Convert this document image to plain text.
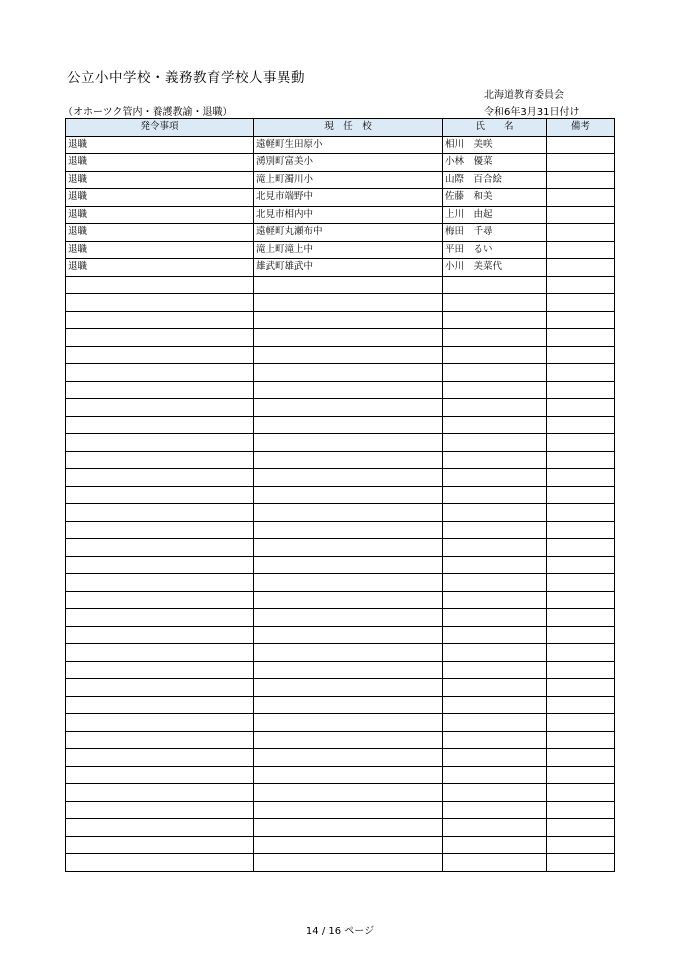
公立小中学校・義務教育学校人事異動
北海道教育委員会
（オホーツク管内・養護教諭・退職）	令和6年3月31日付け
発令事項	現　任　校	氏　　名	備考
退職	遠軽町生田原小	相川　美咲	
退職	湧別町富美小	小林　優菜	
退職	滝上町濁川小	山際　百合絵	
退職	北見市端野中	佐藤　和美	
退職	北見市相内中	上川　由起	
退職	遠軽町丸瀬布中	梅田　千尋	
退職	滝上町滝上中	平田　るい	
退職	雄武町雄武中	小川　美菜代	

14 / 16 ページ
